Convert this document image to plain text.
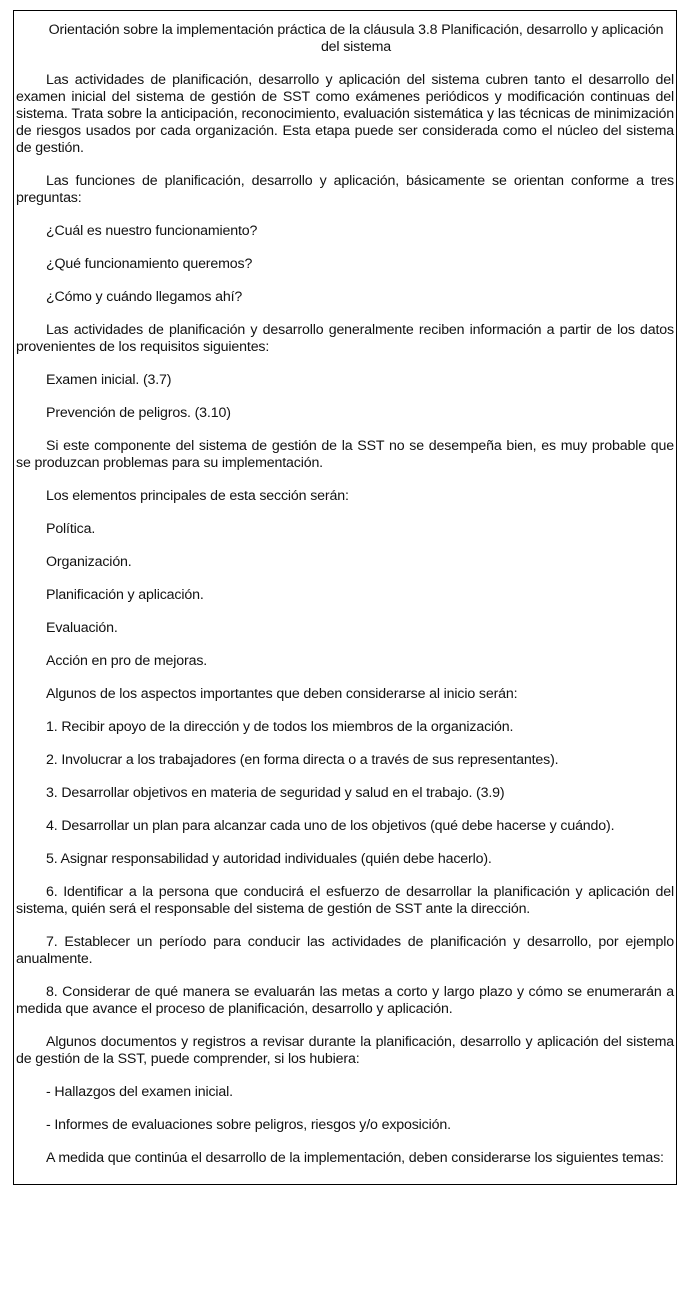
Orientación sobre la implementación práctica de la cláusula 3.8 Planificación, desarrollo y aplicación del sistema
Las actividades de planificación, desarrollo y aplicación del sistema cubren tanto el desarrollo del examen inicial del sistema de gestión de SST como exámenes periódicos y modificación continuas del sistema. Trata sobre la anticipación, reconocimiento, evaluación sistemática y las técnicas de minimización de riesgos usados por cada organización. Esta etapa puede ser considerada como el núcleo del sistema de gestión.
Las funciones de planificación, desarrollo y aplicación, básicamente se orientan conforme a tres preguntas:
¿Cuál es nuestro funcionamiento?
¿Qué funcionamiento queremos?
¿Cómo y cuándo llegamos ahí?
Las actividades de planificación y desarrollo generalmente reciben información a partir de los datos provenientes de los requisitos siguientes:
Examen inicial. (3.7)
Prevención de peligros. (3.10)
Si este componente del sistema de gestión de la SST no se desempeña bien, es muy probable que se produzcan problemas para su implementación.
Los elementos principales de esta sección serán:
Política.
Organización.
Planificación y aplicación.
Evaluación.
Acción en pro de mejoras.
Algunos de los aspectos importantes que deben considerarse al inicio serán:
1. Recibir apoyo de la dirección y de todos los miembros de la organización.
2. Involucrar a los trabajadores (en forma directa o a través de sus representantes).
3. Desarrollar objetivos en materia de seguridad y salud en el trabajo. (3.9)
4. Desarrollar un plan para alcanzar cada uno de los objetivos (qué debe hacerse y cuándo).
5. Asignar responsabilidad y autoridad individuales (quién debe hacerlo).
6. Identificar a la persona que conducirá el esfuerzo de desarrollar la planificación y aplicación del sistema, quién será el responsable del sistema de gestión de SST ante la dirección.
7. Establecer un período para conducir las actividades de planificación y desarrollo, por ejemplo anualmente.
8. Considerar de qué manera se evaluarán las metas a corto y largo plazo y cómo se enumerarán a medida que avance el proceso de planificación, desarrollo y aplicación.
Algunos documentos y registros a revisar durante la planificación, desarrollo y aplicación del sistema de gestión de la SST, puede comprender, si los hubiera:
- Hallazgos del examen inicial.
- Informes de evaluaciones sobre peligros, riesgos y/o exposición.
A medida que continúa el desarrollo de la implementación, deben considerarse los siguientes temas:
